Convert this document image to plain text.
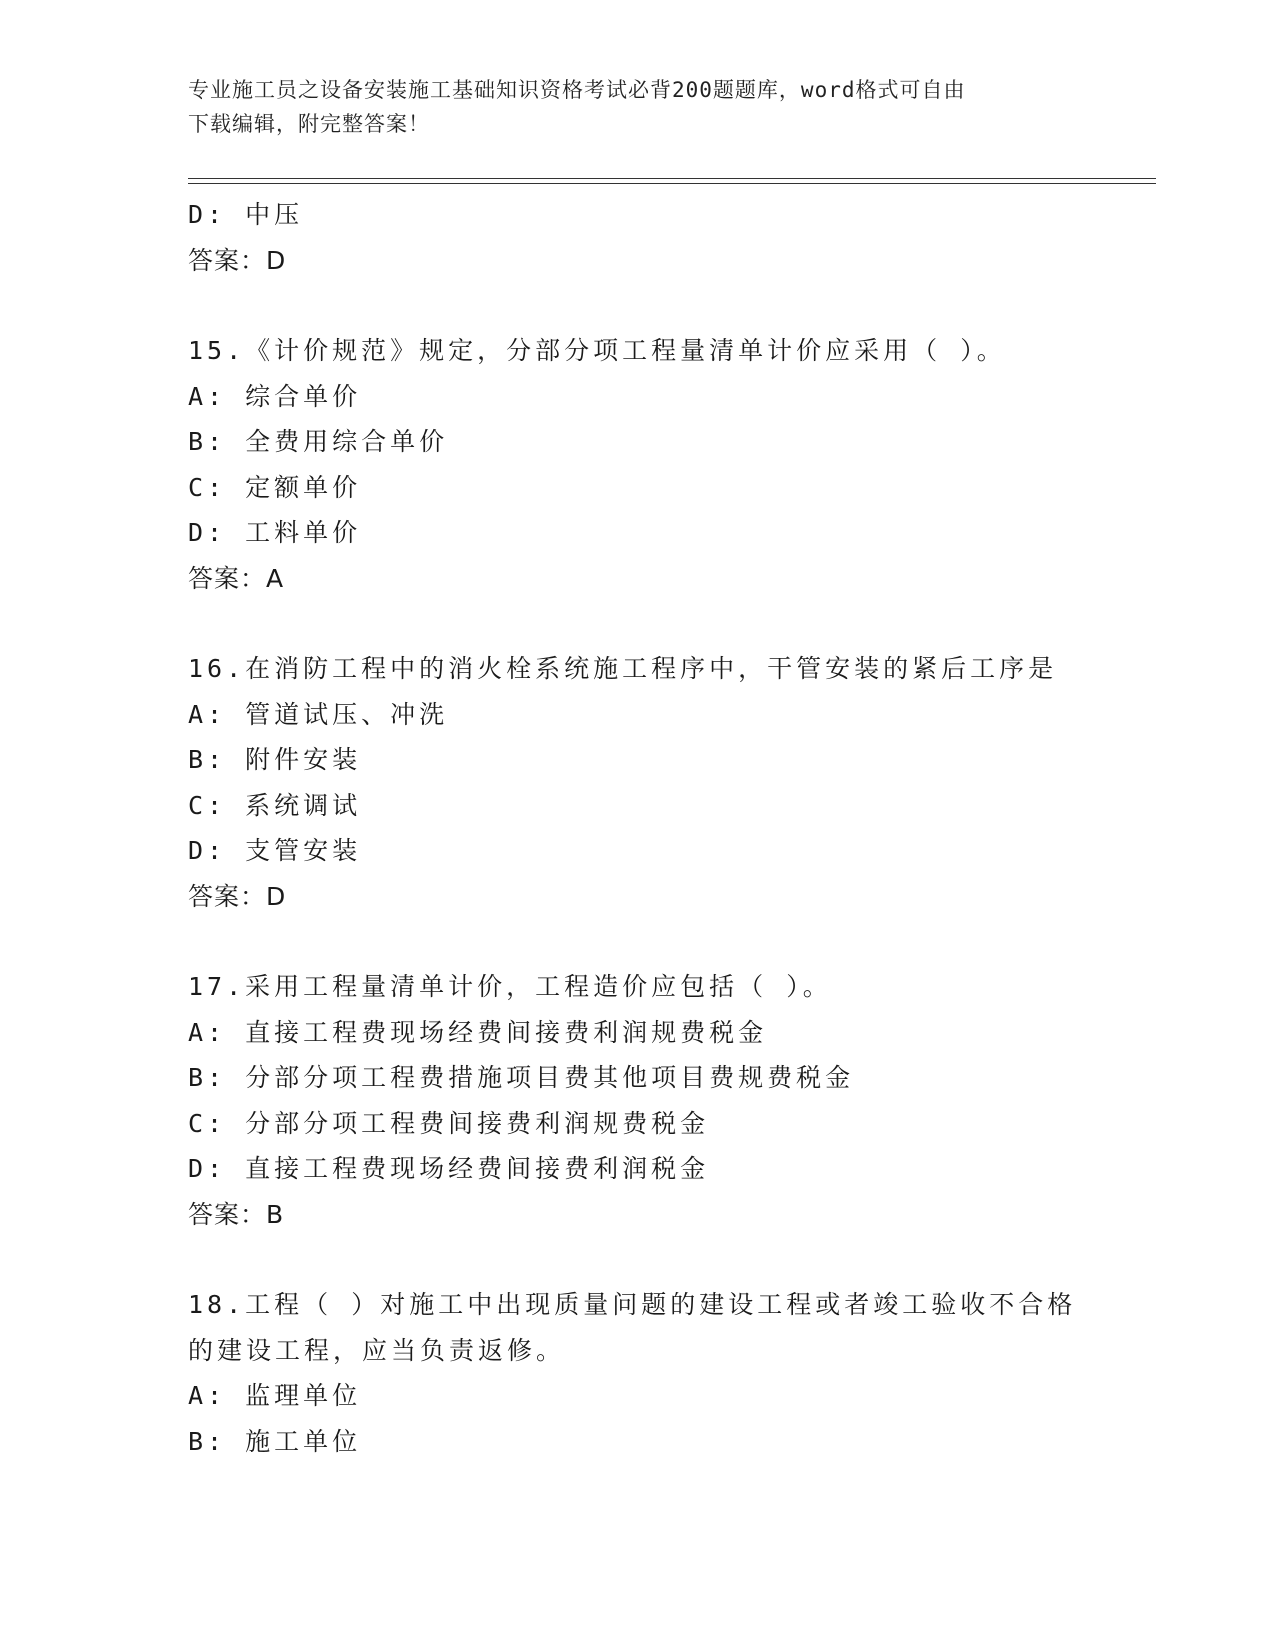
专业施工员之设备安装施工基础知识资格考试必背200题题库，word格式可自由
下载编辑，附完整答案！
D: 中压
答案：D
15.《计价规范》规定，分部分项工程量清单计价应采用（ ）。
A: 综合单价
B: 全费用综合单价
C: 定额单价
D: 工料单价
答案：A
16.在消防工程中的消火栓系统施工程序中，干管安装的紧后工序是
A: 管道试压、冲洗
B: 附件安装
C: 系统调试
D: 支管安装
答案：D
17.采用工程量清单计价，工程造价应包括（ ）。
A: 直接工程费现场经费间接费利润规费税金
B: 分部分项工程费措施项目费其他项目费规费税金
C: 分部分项工程费间接费利润规费税金
D: 直接工程费现场经费间接费利润税金
答案：B
18.工程（ ）对施工中出现质量问题的建设工程或者竣工验收不合格
的建设工程，应当负责返修。
A: 监理单位
B: 施工单位
